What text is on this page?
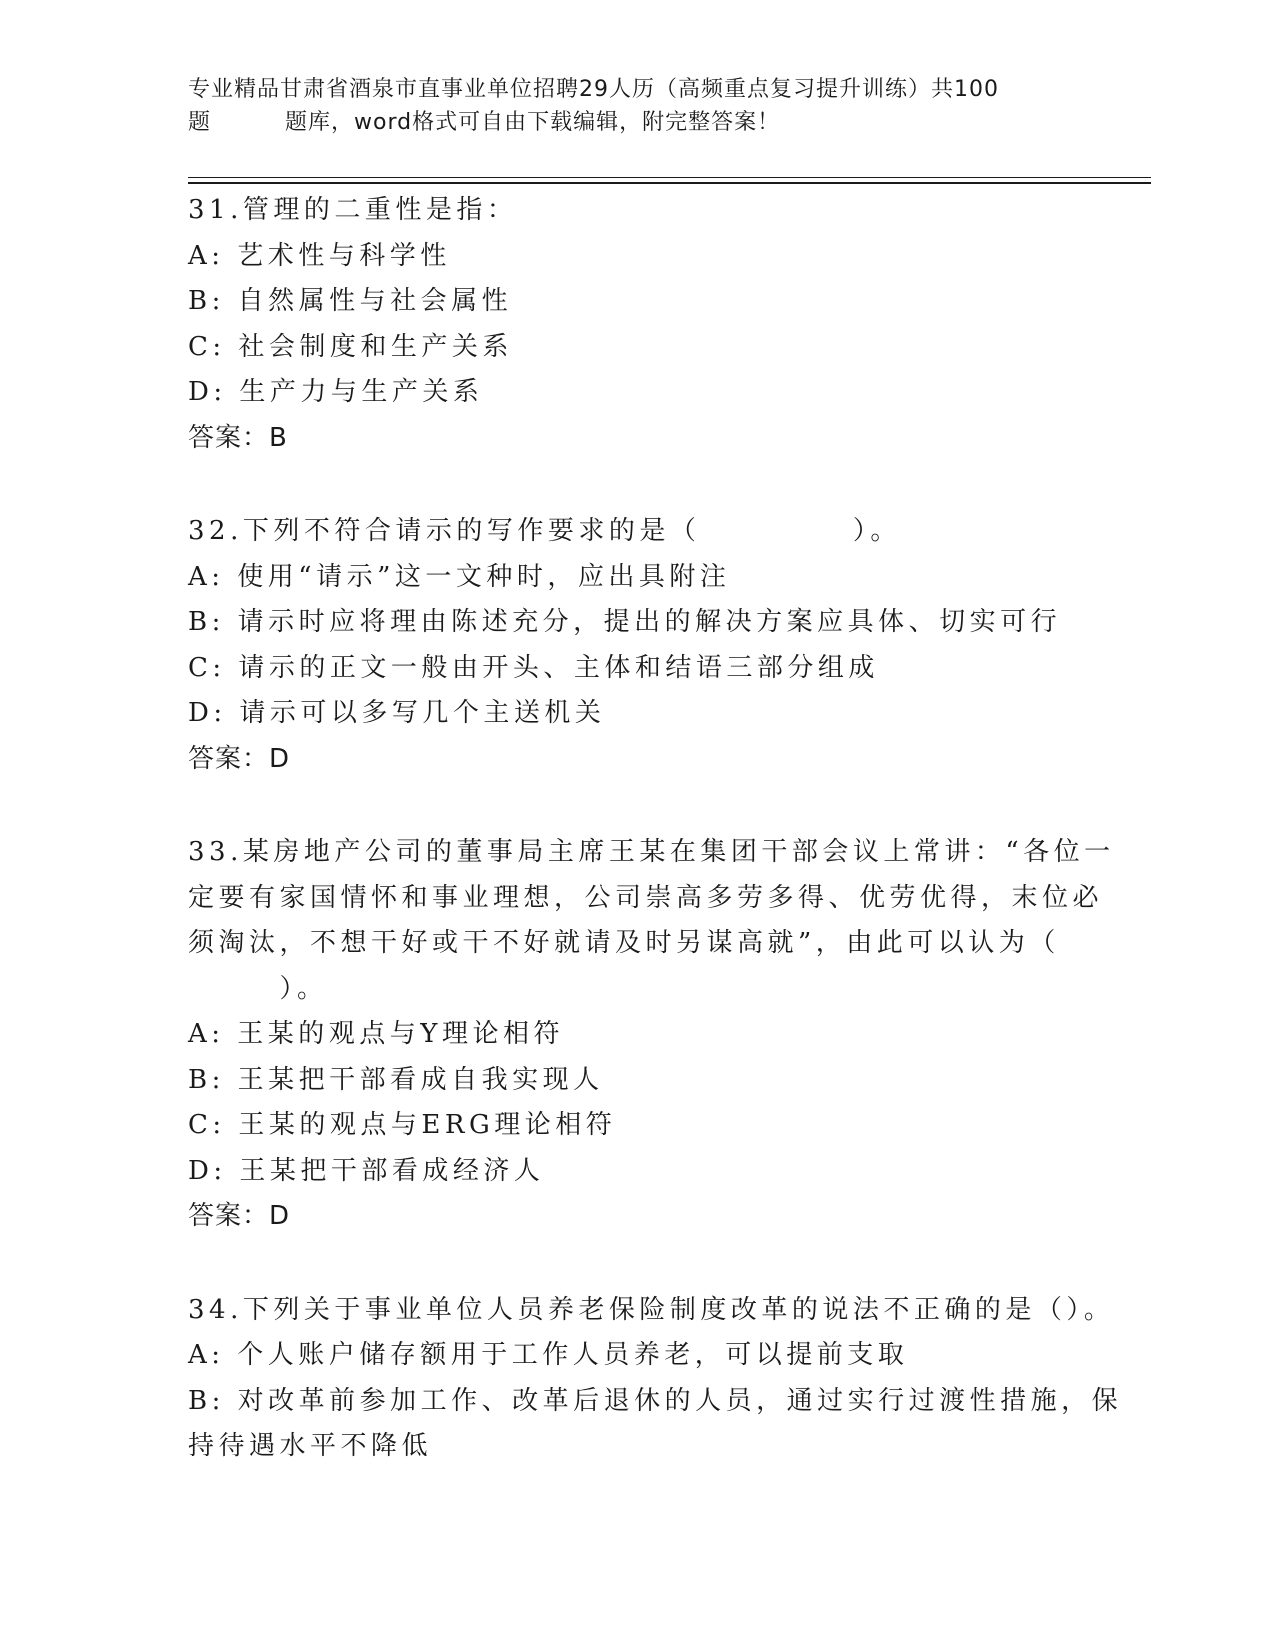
专业精品甘肃省酒泉市直事业单位招聘29人历（高频重点复习提升训练）共100
题	题库，word格式可自由下载编辑，附完整答案！
31.管理的二重性是指：
A: 艺术性与科学性
B: 自然属性与社会属性
C: 社会制度和生产关系
D: 生产力与生产关系
答案：B
32.下列不符合请示的写作要求的是（　　　　　）。
A: 使用“请示”这一文种时，应出具附注
B: 请示时应将理由陈述充分，提出的解决方案应具体、切实可行
C: 请示的正文一般由开头、主体和结语三部分组成
D: 请示可以多写几个主送机关
答案：D
33.某房地产公司的董事局主席王某在集团干部会议上常讲：“各位一
定要有家国情怀和事业理想，公司崇高多劳多得、优劳优得，末位必
须淘汰，不想干好或干不好就请及时另谋高就”，由此可以认为（
　　　）。
A: 王某的观点与Y理论相符
B: 王某把干部看成自我实现人
C: 王某的观点与ERG理论相符
D: 王某把干部看成经济人
答案：D
34.下列关于事业单位人员养老保险制度改革的说法不正确的是（）。
A: 个人账户储存额用于工作人员养老，可以提前支取
B: 对改革前参加工作、改革后退休的人员，通过实行过渡性措施，保
持待遇水平不降低
